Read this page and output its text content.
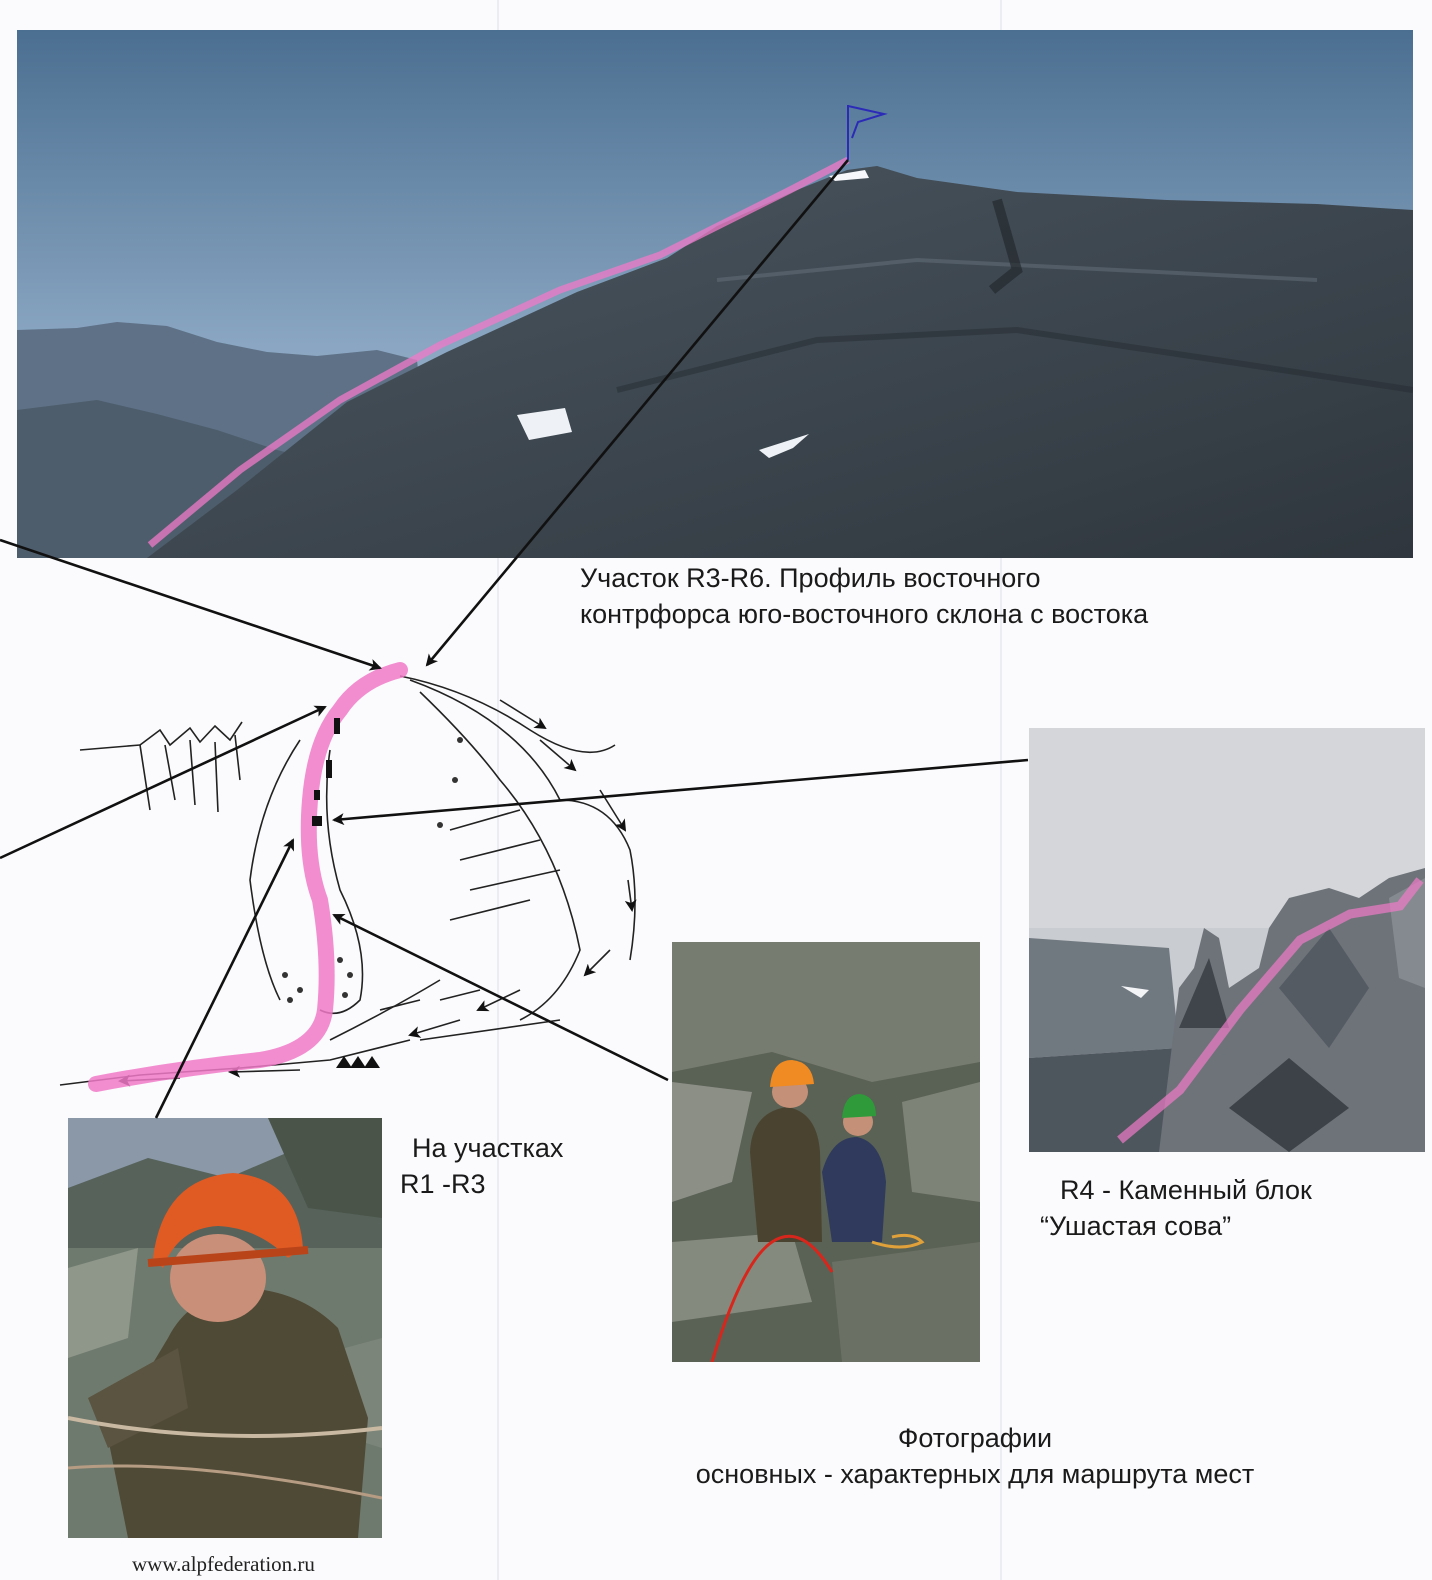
Участок R3-R6. Профиль восточного
контрфорса юго-восточного склона с востока
На участках
R1 -R3	R4 - Каменный блок
“Ушастая сова”
Фотографии
основных - характерных для маршрута мест
www.alpfederation.ru
